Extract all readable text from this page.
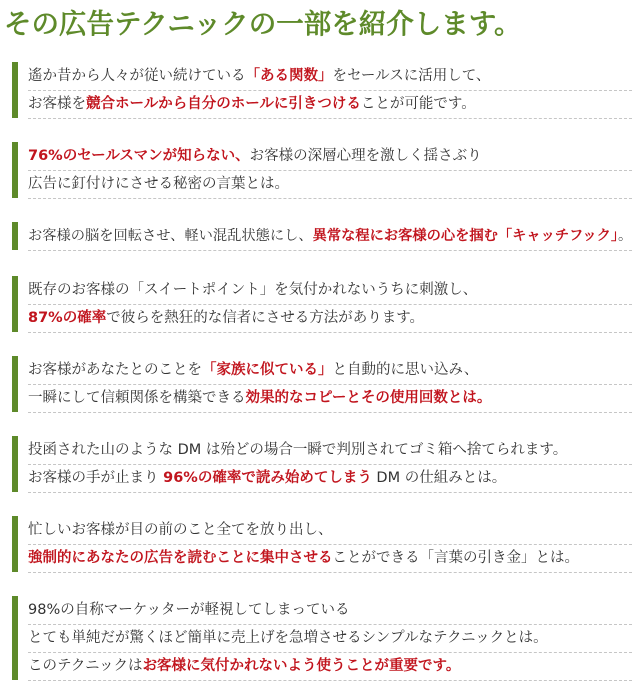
その広告テクニックの一部を紹介します。
遙か昔から人々が従い続けている「ある関数」をセールスに活用して、
お客様を競合ホールから自分のホールに引きつけることが可能です。
76%のセールスマンが知らない、お客様の深層心理を激しく揺さぶり
広告に釘付けにさせる秘密の言葉とは。
お客様の脳を回転させ、軽い混乱状態にし、異常な程にお客様の心を掴む「キャッチフック」。
既存のお客様の「スイートポイント」を気付かれないうちに刺激し、
87%の確率で彼らを熱狂的な信者にさせる方法があります。
お客様があなたとのことを「家族に似ている」と自動的に思い込み、
一瞬にして信頼関係を構築できる効果的なコピーとその使用回数とは。
投函された山のような DM は殆どの場合一瞬で判別されてゴミ箱へ捨てられます。
お客様の手が止まり 96%の確率で読み始めてしまう DM の仕組みとは。
忙しいお客様が目の前のこと全てを放り出し、
強制的にあなたの広告を読むことに集中させることができる「言葉の引き金」とは。
98%の自称マーケッターが軽視してしまっている
とても単純だが驚くほど簡単に売上げを急増させるシンプルなテクニックとは。
このテクニックはお客様に気付かれないよう使うことが重要です。
